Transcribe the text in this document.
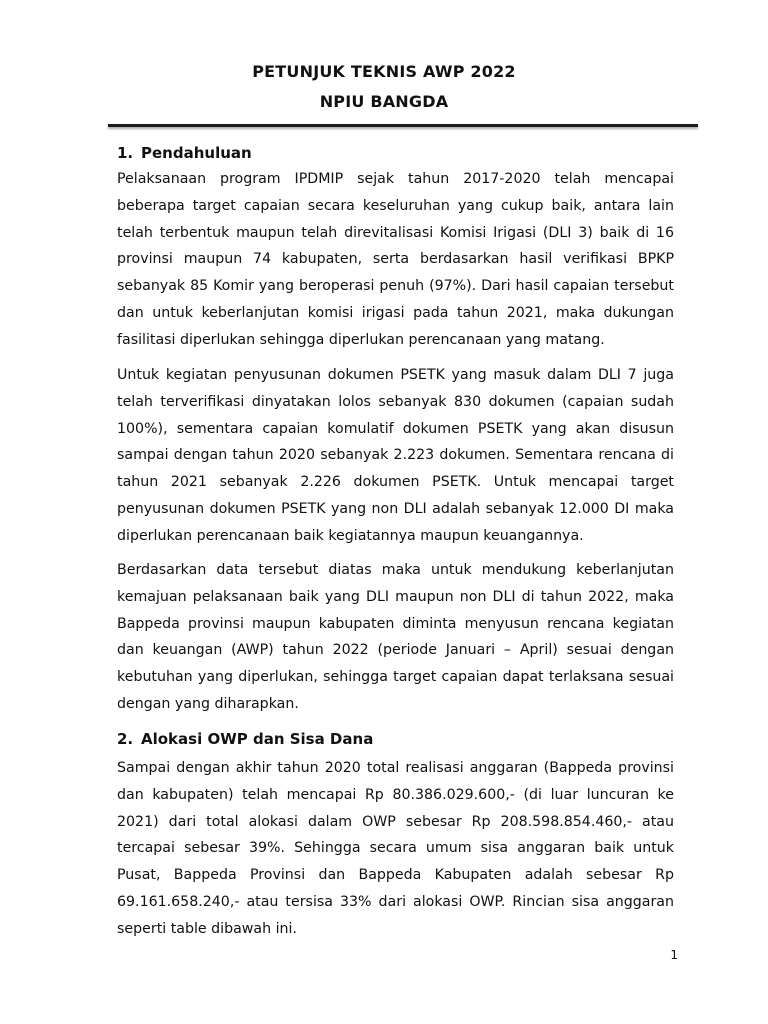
PETUNJUK TEKNIS AWP 2022
NPIU BANGDA
1. Pendahuluan

Pelaksanaan program IPDMIP sejak tahun 2017-2020 telah mencapai beberapa target capaian secara keseluruhan yang cukup baik, antara lain telah terbentuk maupun telah direvitalisasi Komisi Irigasi (DLI 3) baik di 16 provinsi maupun 74 kabupaten, serta berdasarkan hasil verifikasi BPKP sebanyak 85 Komir yang beroperasi penuh (97%). Dari hasil capaian tersebut dan untuk keberlanjutan komisi irigasi pada tahun 2021, maka dukungan fasilitasi diperlukan sehingga diperlukan perencanaan yang matang.

Untuk kegiatan penyusunan dokumen PSETK yang masuk dalam DLI 7 juga telah terverifikasi dinyatakan lolos sebanyak 830 dokumen (capaian sudah 100%), sementara capaian komulatif dokumen PSETK yang akan disusun sampai dengan tahun 2020 sebanyak 2.223 dokumen. Sementara rencana di tahun 2021 sebanyak 2.226 dokumen PSETK. Untuk mencapai target penyusunan dokumen PSETK yang non DLI adalah sebanyak 12.000 DI maka diperlukan perencanaan baik kegiatannya maupun keuangannya.

Berdasarkan data tersebut diatas maka untuk mendukung keberlanjutan kemajuan pelaksanaan baik yang DLI maupun non DLI di tahun 2022, maka Bappeda provinsi maupun kabupaten diminta menyusun rencana kegiatan dan keuangan (AWP) tahun 2022 (periode Januari – April) sesuai dengan kebutuhan yang diperlukan, sehingga target capaian dapat terlaksana sesuai dengan yang diharapkan.

2. Alokasi OWP dan Sisa Dana

Sampai dengan akhir tahun 2020 total realisasi anggaran (Bappeda provinsi dan kabupaten) telah mencapai Rp 80.386.029.600,- (di luar luncuran ke 2021) dari total alokasi dalam OWP sebesar Rp 208.598.854.460,- atau tercapai sebesar 39%. Sehingga secara umum sisa anggaran baik untuk Pusat, Bappeda Provinsi dan Bappeda Kabupaten adalah sebesar Rp 69.161.658.240,- atau tersisa 33% dari alokasi OWP. Rincian sisa anggaran seperti table dibawah ini.

1
